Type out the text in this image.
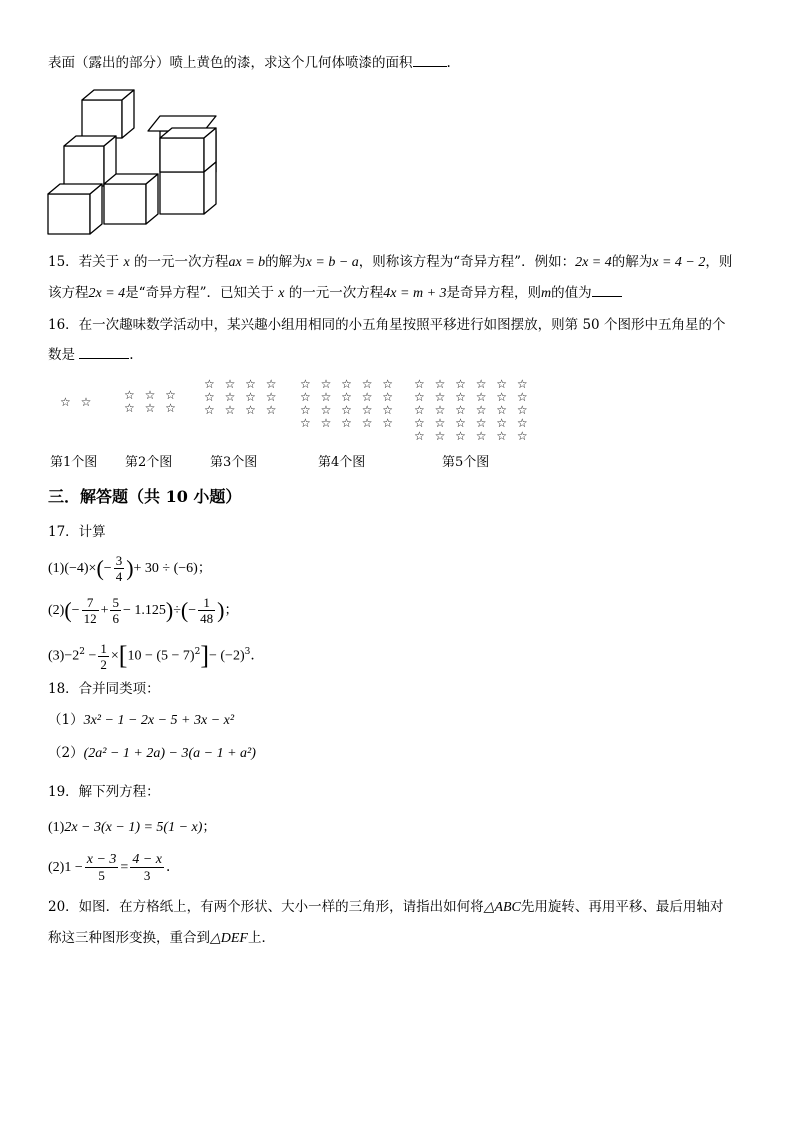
表面（露出的部分）喷上黄色的漆，求这个几何体喷漆的面积	.
15．若关于 x 的一元一次方程ax = b的解为x = b − a，则称该方程为“奇异方程”．例如：2x = 4的解为x = 4 − 2，则
该方程2x = 4是“奇异方程”．已知关于 x 的一元一次方程4x = m + 3是奇异方程，则m的值为
16．在一次趣味数学活动中，某兴趣小组用相同的小五角星按照平移进行如图摆放，则第 50 个图形中五角星的个
数是	.
☆ ☆ ☆ ☆ ☆
☆ ☆ ☆
☆ ☆ ☆ ☆
☆ ☆ ☆ ☆
☆ ☆ ☆ ☆
☆ ☆ ☆ ☆ ☆
☆ ☆ ☆ ☆ ☆
☆ ☆ ☆ ☆ ☆
☆ ☆ ☆ ☆ ☆
☆ ☆ ☆ ☆ ☆ ☆
☆ ☆ ☆ ☆ ☆ ☆
☆ ☆ ☆ ☆ ☆ ☆
☆ ☆ ☆ ☆ ☆ ☆
☆ ☆ ☆ ☆ ☆ ☆
第1个图 第2个图	第3个图	第4个图	第5个图
三．解答题（共 10 小题）
17．计算
$(1)(-4)\times(- \frac{3}{4}$ )+ 30 ÷ (−6)；
$(2)(- \frac{7}{12} + \frac{5}{6} - 1.125)\div(- \frac{1}{48}$ )；
$(3)-2^2 - \frac{1}{2} \times[10 - (5 - 7)^2]- (-2)^3$.
18．合并同类项：
（1）3x² − 1 − 2x − 5 + 3x − x²
（2）(2a² − 1 + 2a) − 3(a − 1 + a²)
19．解下列方程：
(1)2x − 3(x − 1) = 5(1 − x)；
$(2)1 - \frac{x - 3}{5} = \frac{4 - x}{3}$ .
20．如图．在方格纸上，有两个形状、大小一样的三角形，请指出如何将△ABC先用旋转、再用平移、最后用轴对
称这三种图形变换，重合到△DEF上．
